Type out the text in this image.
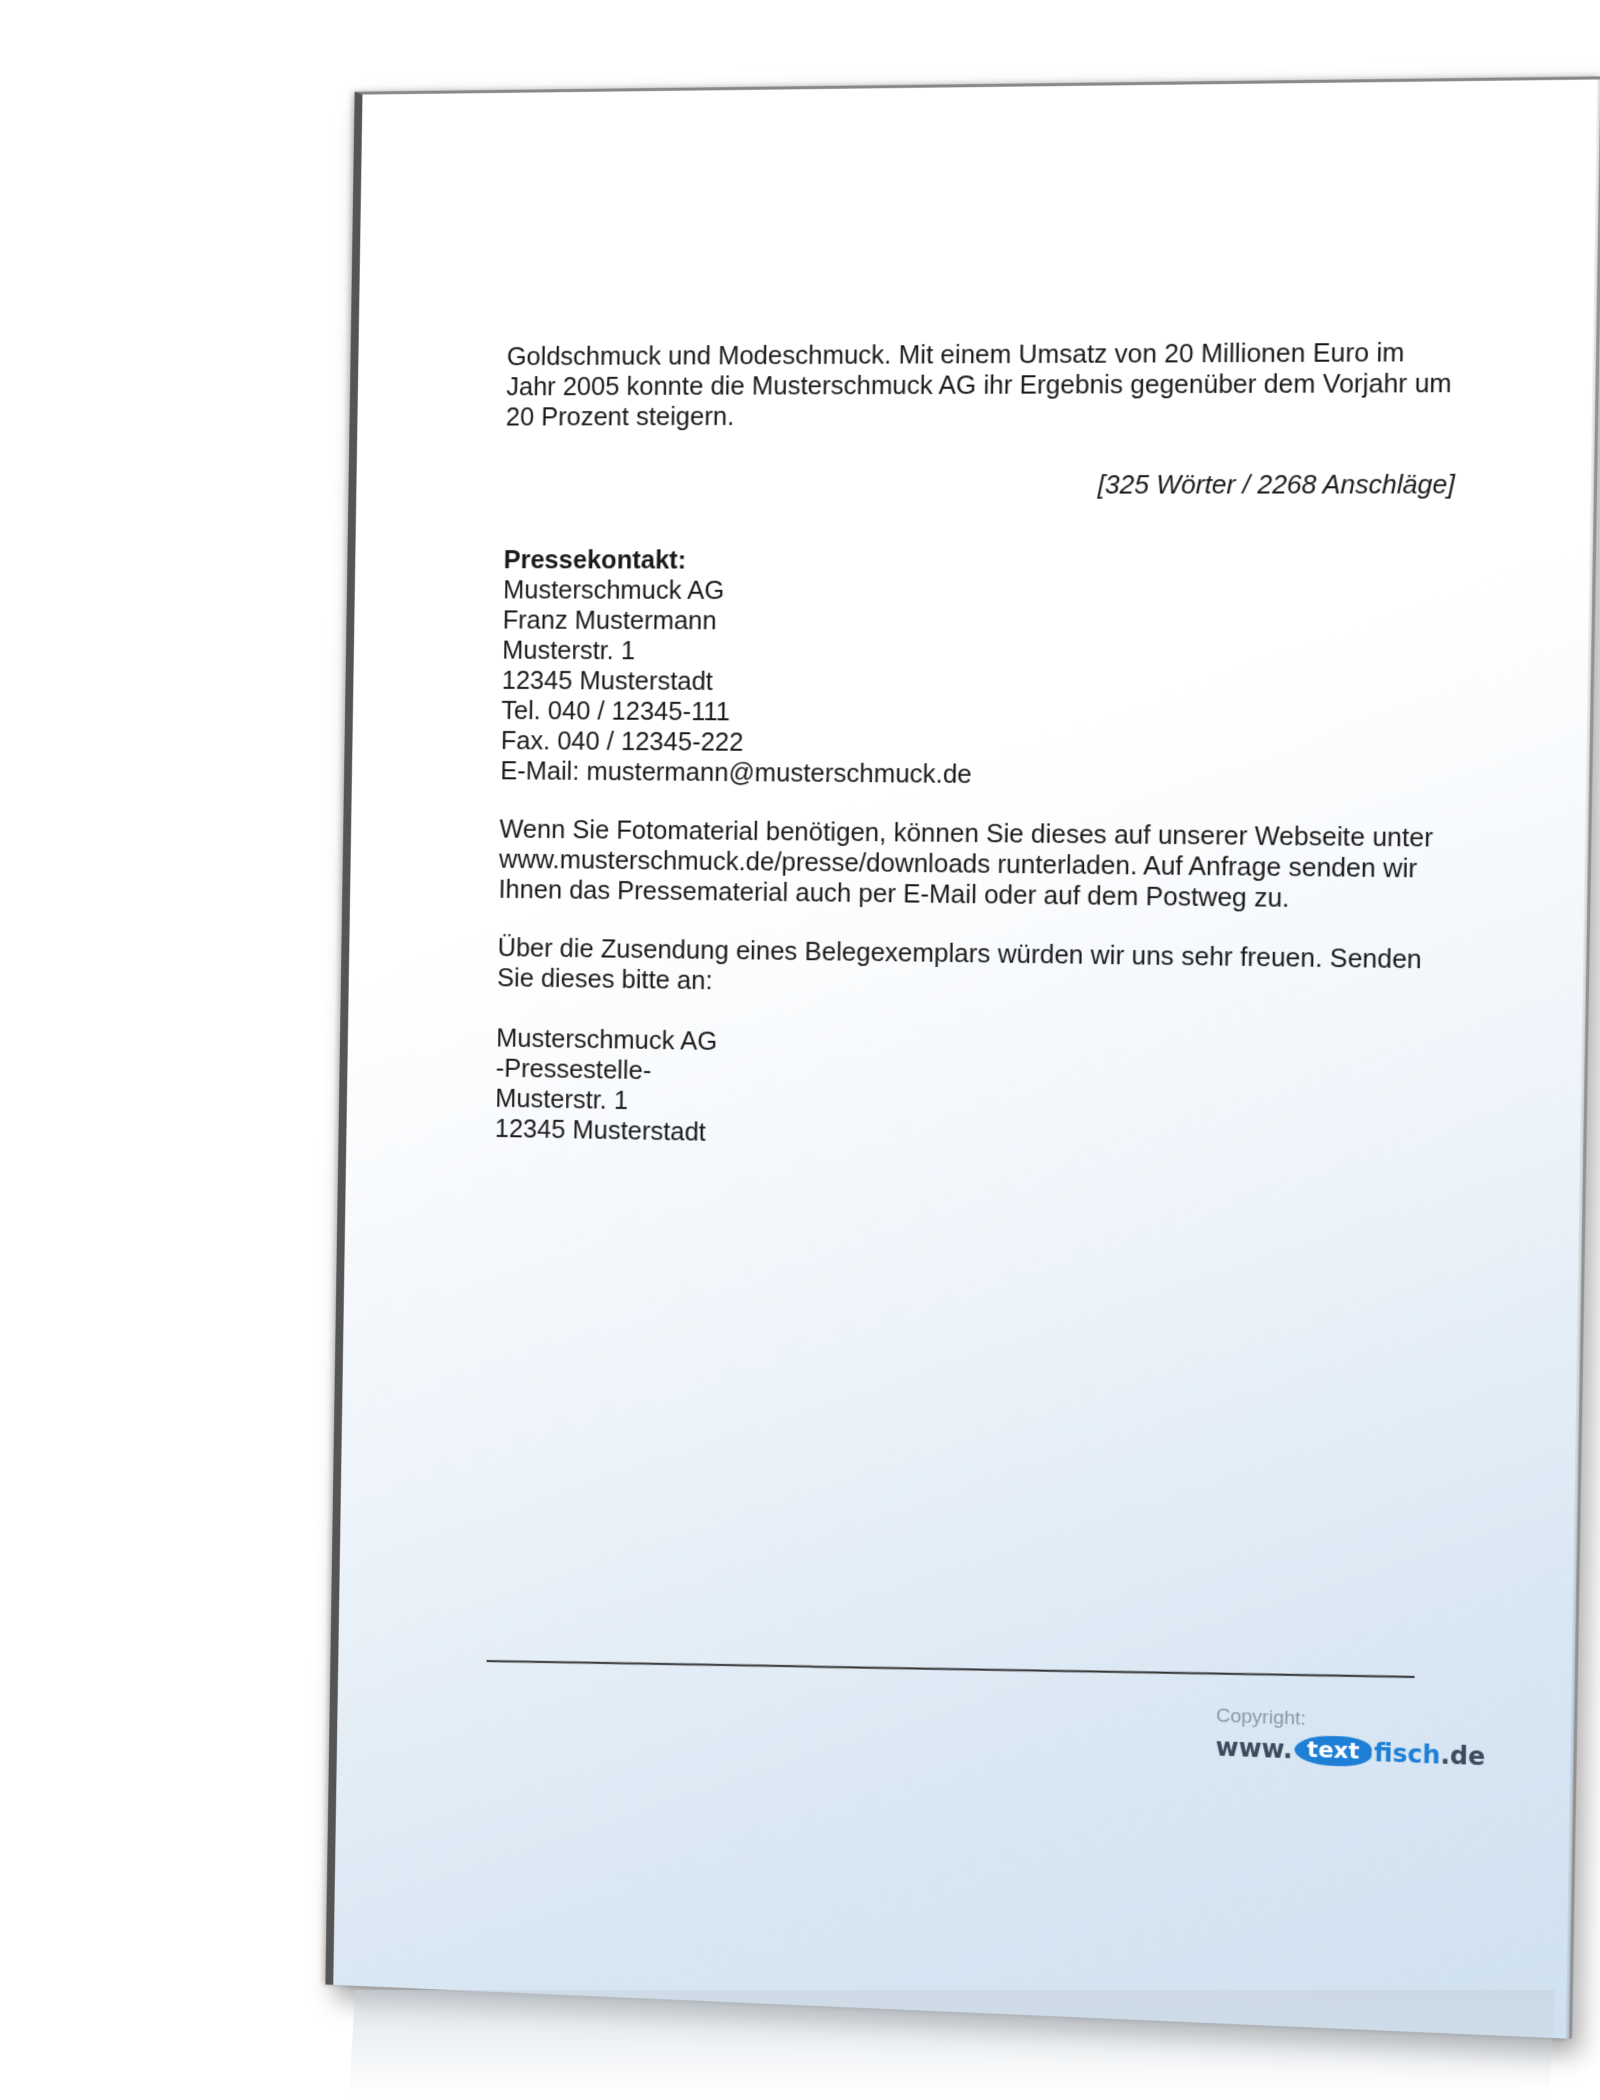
Goldschmuck und Modeschmuck. Mit einem Umsatz von 20 Millionen Euro im Jahr 2005 konnte die Musterschmuck AG ihr Ergebnis gegenüber dem Vorjahr um 20 Prozent steigern.

[325 Wörter / 2268 Anschläge]
Pressekontakt:
Musterschmuck AG
Franz Mustermann
Musterstr. 1
12345 Musterstadt
Tel. 040 / 12345-111
Fax. 040 / 12345-222
E-Mail: mustermann@musterschmuck.de

Wenn Sie Fotomaterial benötigen, können Sie dieses auf unserer Webseite unter www.musterschmuck.de/presse/downloads runterladen. Auf Anfrage senden wir Ihnen das Pressematerial auch per E-Mail oder auf dem Postweg zu.

Über die Zusendung eines Belegexemplars würden wir uns sehr freuen. Senden Sie dieses bitte an:

Musterschmuck AG
-Pressestelle-
Musterstr. 1
12345 Musterstadt
Copyright:
www. text fisch .de
